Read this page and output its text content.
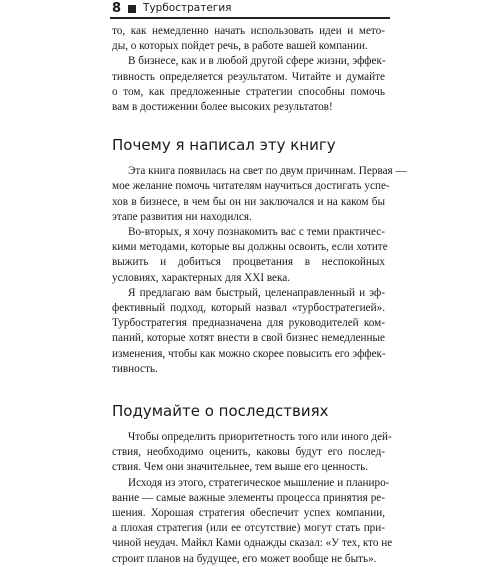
8 Турбостратегия
то, как немедленно начать использовать идеи и мето-
ды, о которых пойдет речь, в работе вашей компании.
В бизнесе, как и в любой другой сфере жизни, эффек-
тивность определяется результатом. Читайте и думайте
о том, как предложенные стратегии способны помочь
вам в достижении более высоких результатов!
Почему я написал эту книгу
Эта книга появилась на свет по двум причинам. Первая —
мое желание помочь читателям научиться достигать успе-
хов в бизнесе, в чем бы он ни заключался и на каком бы
этапе развития ни находился.
Во-вторых, я хочу познакомить вас с теми практичес-
кими методами, которые вы должны освоить, если хотите
выжить и добиться процветания в неспокойных
условиях, характерных для XXI века.
Я предлагаю вам быстрый, целенаправленный и эф-
фективный подход, который назвал «турбостратегией».
Турбостратегия предназначена для руководителей ком-
паний, которые хотят внести в свой бизнес немедленные
изменения, чтобы как можно скорее повысить его эффек-
тивность.
Подумайте о последствиях
Чтобы определить приоритетность того или иного дей-
ствия, необходимо оценить, каковы будут его послед-
ствия. Чем они значительнее, тем выше его ценность.
Исходя из этого, стратегическое мышление и планиро-
вание — самые важные элементы процесса принятия ре-
шения. Хорошая стратегия обеспечит успех компании,
а плохая стратегия (или ее отсутствие) могут стать при-
чиной неудач. Майкл Ками однажды сказал: «У тех, кто не
строит планов на будущее, его может вообще не быть».
